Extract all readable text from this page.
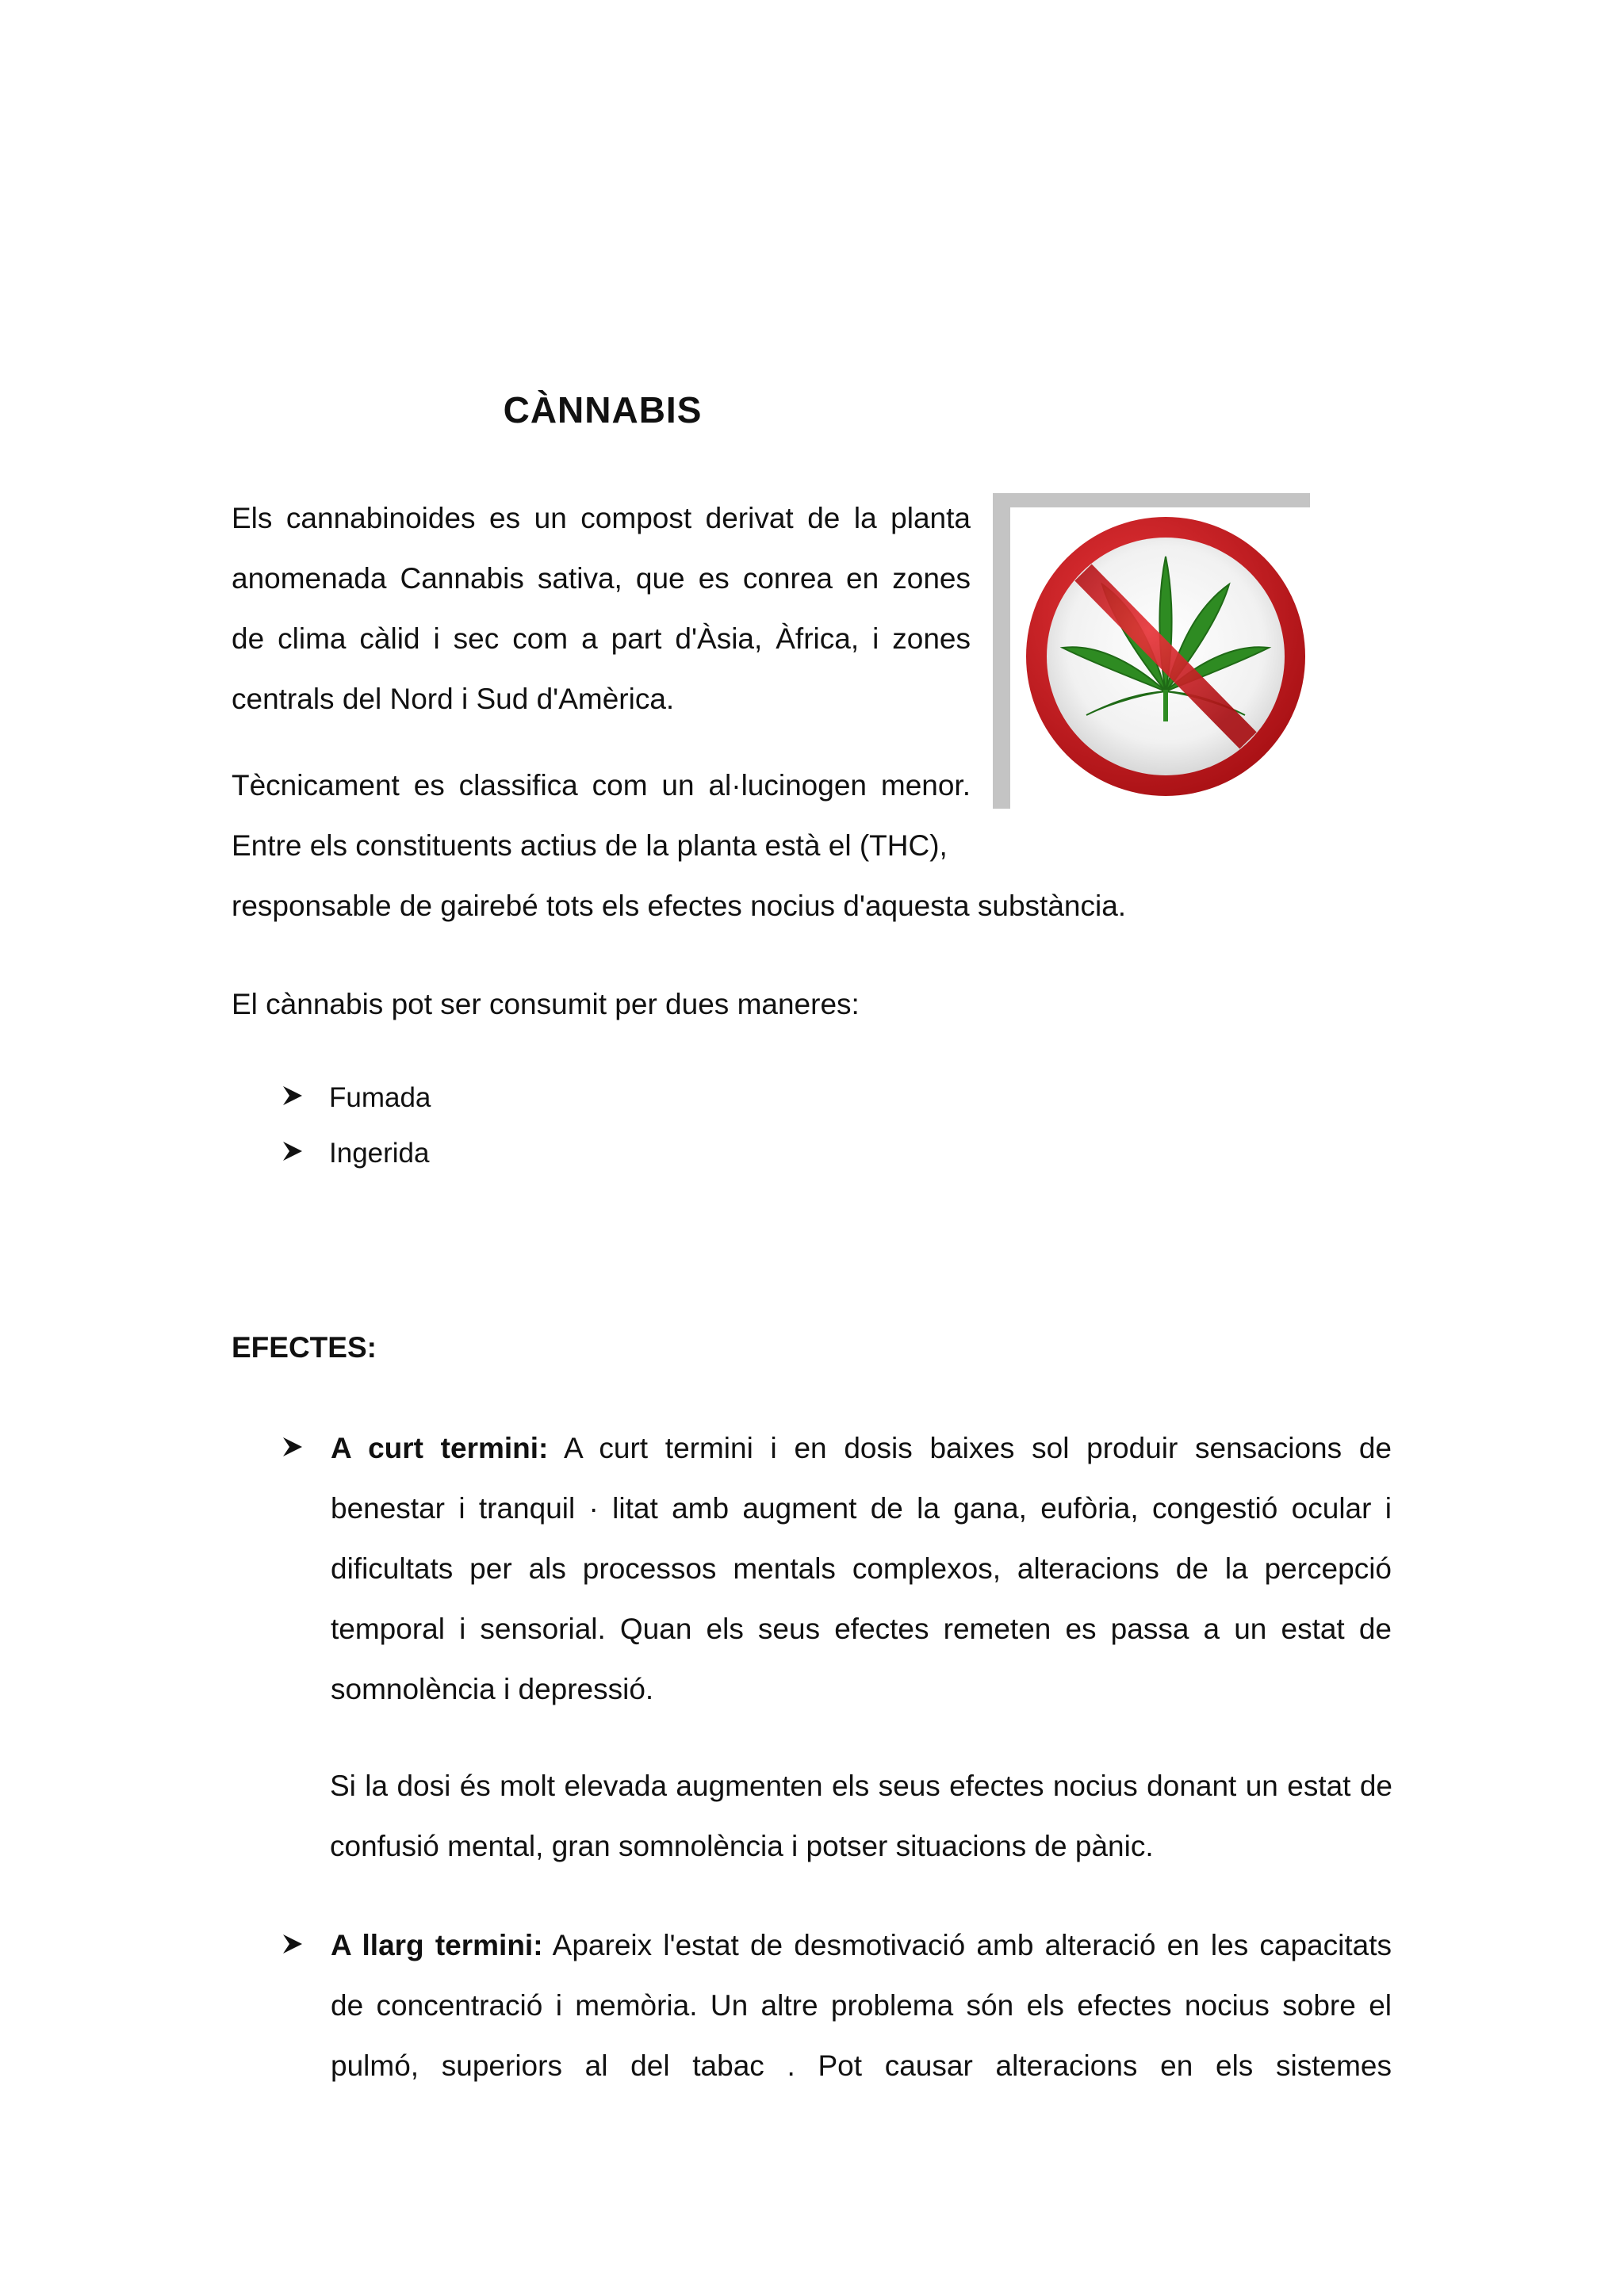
CÀNNABIS

Els cannabinoides es un compost derivat de la planta anomenada Cannabis sativa, que es conrea en zones de clima càlid i sec com a part d'Àsia, Àfrica, i zones centrals del Nord i Sud d'Amèrica.

Tècnicament es classifica com un al·lucinogen menor. Entre els constituents actius de la planta està el (THC),

responsable de gairebé tots els efectes nocius d'aquesta substància.

El cànnabis pot ser consumit per dues maneres:

Fumada
Ingerida
EFECTES:

A curt termini: A curt termini i en dosis baixes sol produir sensacions de benestar i tranquil · litat amb augment de la gana, eufòria, congestió ocular i dificultats per als processos mentals complexos, alteracions de la percepció temporal i sensorial. Quan els seus efectes remeten es passa a un estat de somnolència i depressió.

Si la dosi és molt elevada augmenten els seus efectes nocius donant un estat de confusió mental, gran somnolència i potser situacions de pànic.

A llarg termini: Apareix l'estat de desmotivació amb alteració en les capacitats de concentració i memòria. Un altre problema són els efectes nocius sobre el pulmó, superiors al del tabac . Pot causar alteracions en els sistemes
